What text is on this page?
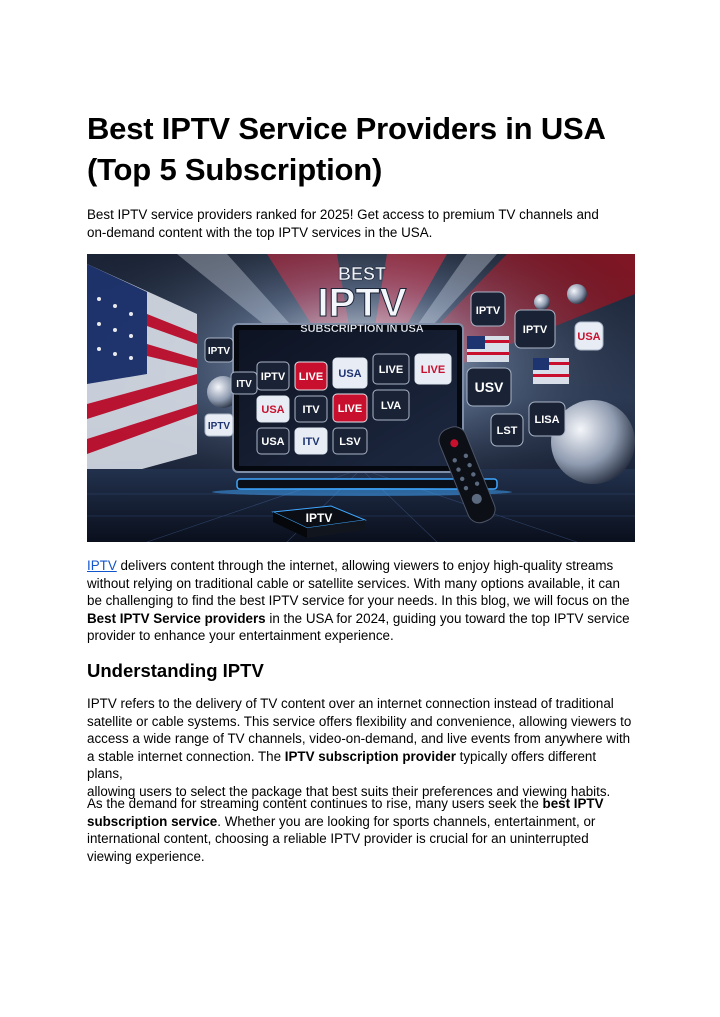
Best IPTV Service Providers in USA
(Top 5 Subscription)
Best IPTV service providers ranked for 2025! Get access to premium TV channels and
on-demand content with the top IPTV services in the USA.
IPTV LIVE USA LIVE
USA ITV LIVE LVA
USA ITV LSV
LIVE
IPTV
ITV
IPTV
IPTV
IPTV
USA
USV
LST
LISA
BEST
IPTV
SUBSCRIPTION IN USA
IPTV
IPTV delivers content through the internet, allowing viewers to enjoy high-quality streams
without relying on traditional cable or satellite services. With many options available, it can
be challenging to find the best IPTV service for your needs. In this blog, we will focus on the
Best IPTV Service providers in the USA for 2024, guiding you toward the top IPTV service
provider to enhance your entertainment experience.
Understanding IPTV
IPTV refers to the delivery of TV content over an internet connection instead of traditional
satellite or cable systems. This service offers flexibility and convenience, allowing viewers to
access a wide range of TV channels, video-on-demand, and live events from anywhere with
a stable internet connection. The IPTV subscription provider typically offers different plans,
allowing users to select the package that best suits their preferences and viewing habits.
As the demand for streaming content continues to rise, many users seek the best IPTV
subscription service. Whether you are looking for sports channels, entertainment, or
international content, choosing a reliable IPTV provider is crucial for an uninterrupted
viewing experience.
